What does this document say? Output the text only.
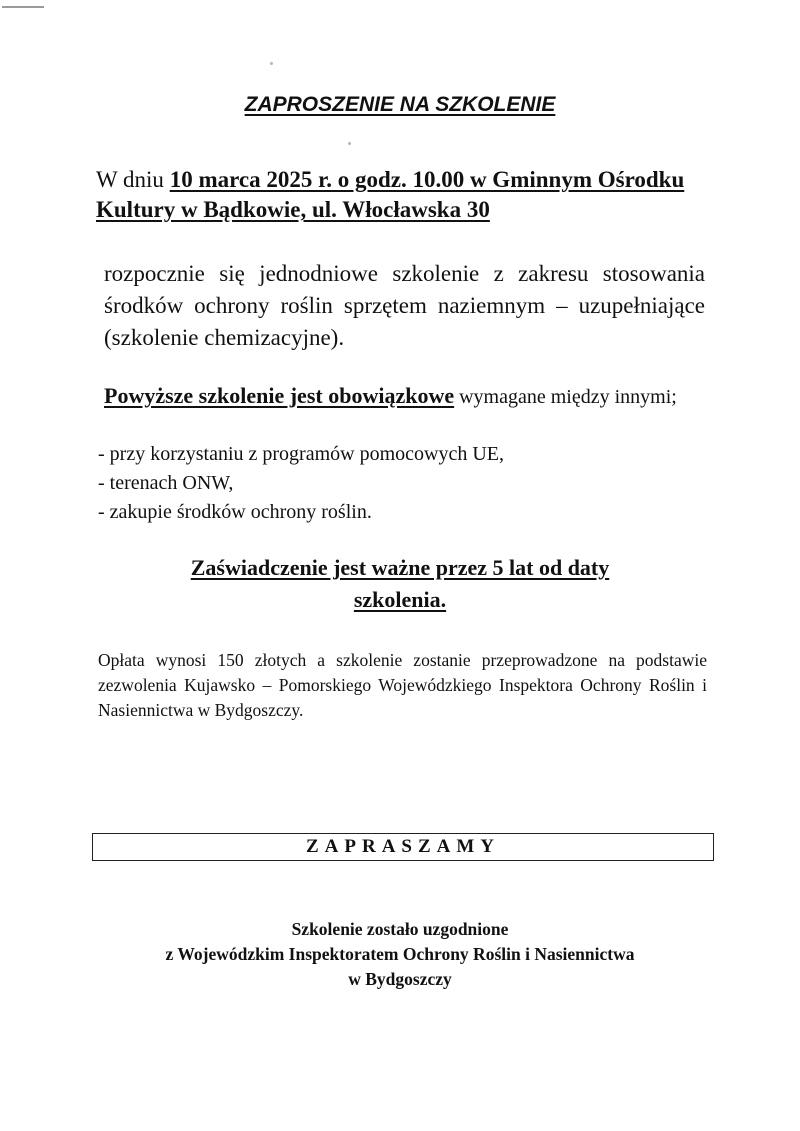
ZAPROSZENIE NA SZKOLENIE

W dniu 10 marca 2025 r. o godz. 10.00 w Gminnym Ośrodku Kultury w Bądkowie, ul. Włocławska 30

rozpocznie się jednodniowe szkolenie z zakresu stosowania środków ochrony roślin sprzętem naziemnym – uzupełniające (szkolenie chemizacyjne).

Powyższe szkolenie jest obowiązkowe wymagane między innymi;

- przy korzystaniu z programów pomocowych UE,
- terenach ONW,
- zakupie środków ochrony roślin.

Zaświadczenie jest ważne przez 5 lat od daty
szkolenia.

Opłata wynosi 150 złotych a szkolenie zostanie przeprowadzone na podstawie zezwolenia Kujawsko – Pomorskiego Wojewódzkiego Inspektora Ochrony Roślin i Nasiennictwa w Bydgoszczy.

ZAPRASZAMY

Szkolenie zostało uzgodnione
z Wojewódzkim Inspektoratem Ochrony Roślin i Nasiennictwa
w Bydgoszczy
